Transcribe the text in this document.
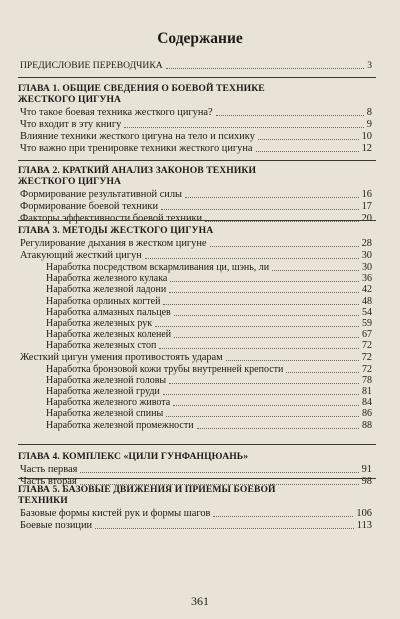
Содержание
ПРЕДИСЛОВИЕ ПЕРЕВОДЧИКА	3
ГЛАВА 1. ОБЩИЕ СВЕДЕНИЯ О БОЕВОЙ ТЕХНИКЕ
ЖЕСТКОГО ЦИГУНА
Что такое боевая техника жесткого цигуна?	8
Что входит в эту книгу	9
Влияние техники жесткого цигуна на тело и психику	10
Что важно при тренировке техники жесткого цигуна	12
ГЛАВА 2. КРАТКИЙ АНАЛИЗ ЗАКОНОВ ТЕХНИКИ
ЖЕСТКОГО ЦИГУНА
Формирование результативной силы	16
Формирование боевой техники	17
Факторы эффективности боевой техники	20
ГЛАВА 3. МЕТОДЫ ЖЕСТКОГО ЦИГУНА
Регулирование дыхания в жестком цигуне	28
Атакующий жесткий цигун	30
Наработка посредством вскармливания ци, шэнь, ли	30
Наработка железного кулака	36
Наработка железной ладони	42
Наработка орлиных когтей	48
Наработка алмазных пальцев	54
Наработка железных рук	59
Наработка железных коленей	67
Наработка железных стоп	72
Жесткий цигун умения противостоять ударам	72
Наработка бронзовой кожи трубы внутренней крепости	72
Наработка железной головы	78
Наработка железной груди	81
Наработка железного живота	84
Наработка железной спины	86
Наработка железной промежности	88
ГЛАВА 4. КОМПЛЕКС «ЦИЛИ ГУНФАНЦЮАНЬ»
Часть первая	91
Часть вторая	98
ГЛАВА 5. БАЗОВЫЕ ДВИЖЕНИЯ И ПРИЕМЫ БОЕВОЙ
ТЕХНИКИ
Базовые формы кистей рук и формы шагов	106
Боевые позиции	113
361
